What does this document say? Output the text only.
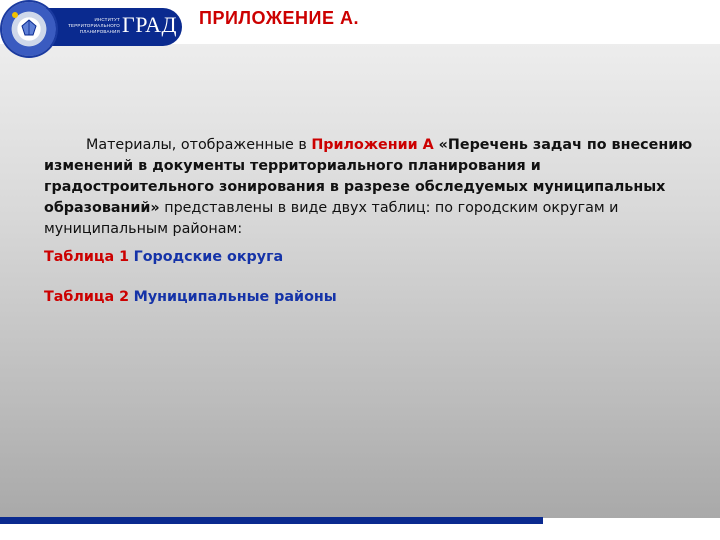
ИНСТИТУТ ТЕРРИТОРИАЛЬНОГО ПЛАНИРОВАНИЯ ГРАД ПРИЛОЖЕНИЕ А.
Материалы, отображенные в Приложении А «Перечень задач по внесению изменений в документы территориального планирования и градостроительного зонирования в разрезе обследуемых муниципальных образований» представлены в виде двух таблиц: по городским округам и муниципальным районам:
Таблица 1 Городские округа
Таблица 2 Муниципальные районы
